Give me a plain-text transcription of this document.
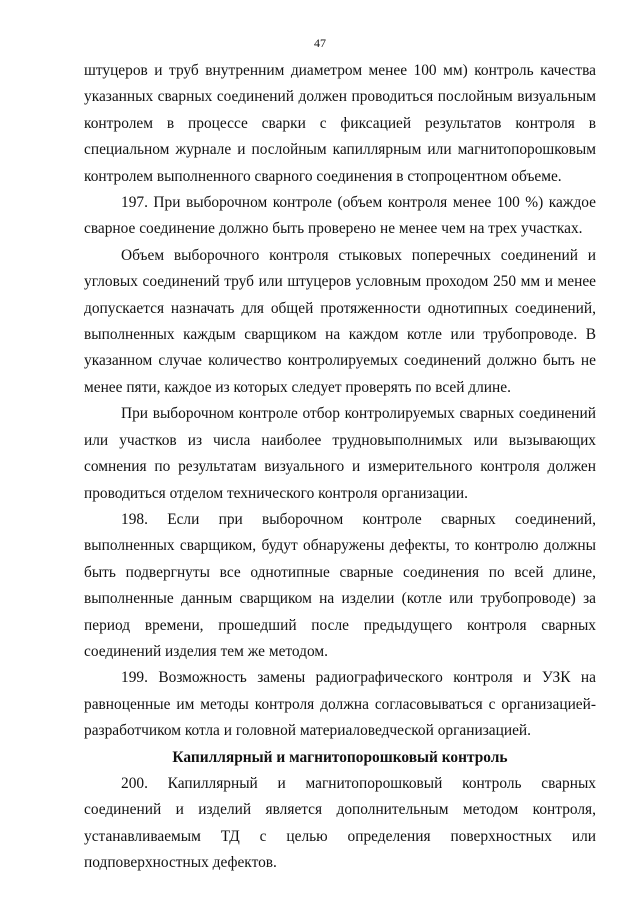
47

штуцеров и труб внутренним диаметром менее 100 мм) контроль качества указанных сварных соединений должен проводиться послойным визуальным контролем в процессе сварки с фиксацией результатов контроля в специальном журнале и послойным капиллярным или магнитопорошковым контролем выполненного сварного соединения в стопроцентном объеме.

197. При выборочном контроле (объем контроля менее 100 %) каждое сварное соединение должно быть проверено не менее чем на трех участках.

Объем выборочного контроля стыковых поперечных соединений и угловых соединений труб или штуцеров условным проходом 250 мм и менее допускается назначать для общей протяженности однотипных соединений, выполненных каждым сварщиком на каждом котле или трубопроводе. В указанном случае количество контролируемых соединений должно быть не менее пяти, каждое из которых следует проверять по всей длине.

При выборочном контроле отбор контролируемых сварных соединений или участков из числа наиболее трудновыполнимых или вызывающих сомнения по результатам визуального и измерительного контроля должен проводиться отделом технического контроля организации.

198. Если при выборочном контроле сварных соединений, выполненных сварщиком, будут обнаружены дефекты, то контролю должны быть подвергнуты все однотипные сварные соединения по всей длине, выполненные данным сварщиком на изделии (котле или трубопроводе) за период времени, прошедший после предыдущего контроля сварных соединений изделия тем же методом.

199. Возможность замены радиографического контроля и УЗК на равноценные им методы контроля должна согласовываться с организацией-разработчиком котла и головной материаловедческой организацией.

Капиллярный и магнитопорошковый контроль

200. Капиллярный и магнитопорошковый контроль сварных соединений и изделий является дополнительным методом контроля, устанавливаемым ТД с целью определения поверхностных или подповерхностных дефектов.
